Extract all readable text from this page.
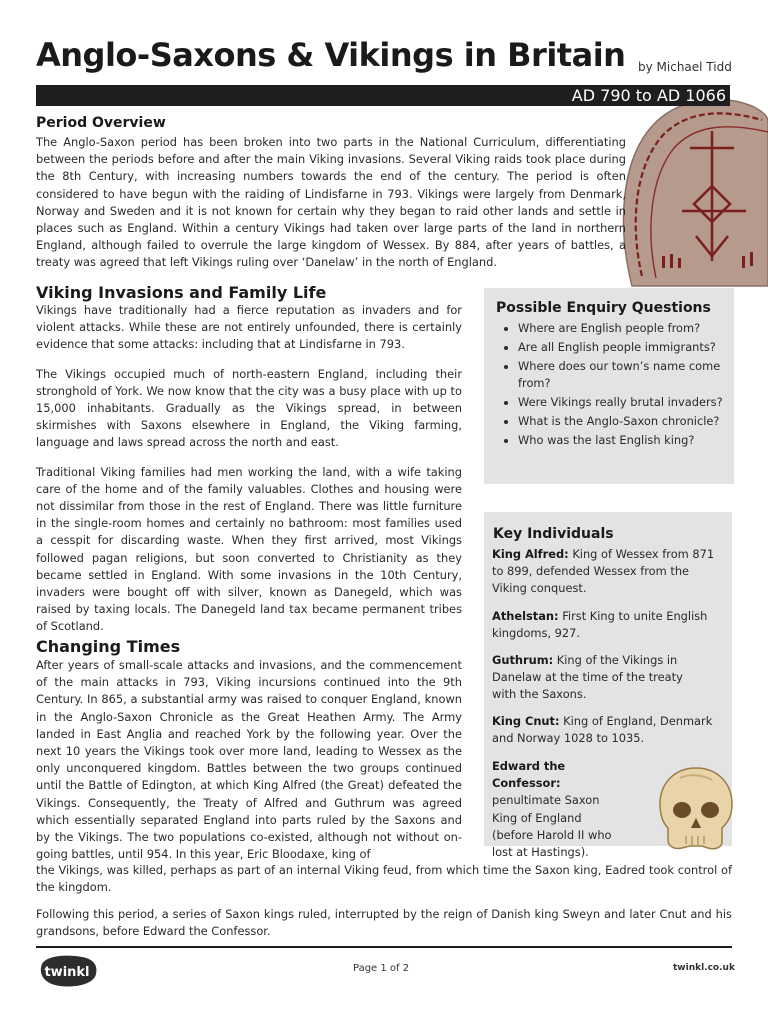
Anglo-Saxons & Vikings in Britain by Michael Tidd
AD 790 to AD 1066
Period Overview

The Anglo-Saxon period has been broken into two parts in the National Curriculum, differentiating between the periods before and after the main Viking invasions. Several Viking raids took place during the 8th Century, with increasing numbers towards the end of the century. The period is often considered to have begun with the raiding of Lindisfarne in 793. Vikings were largely from Denmark, Norway and Sweden and it is not known for certain why they began to raid other lands and settle in places such as England. Within a century Vikings had taken over large parts of the land in northern England, although failed to overrule the large kingdom of Wessex. By 884, after years of battles, a treaty was agreed that left Vikings ruling over ‘Danelaw’ in the north of England.

Viking Invasions and Family Life

Vikings have traditionally had a fierce reputation as invaders and for violent attacks. While these are not entirely unfounded, there is certainly evidence that some attacks: including that at Lindisfarne in 793.

The Vikings occupied much of north-eastern England, including their stronghold of York. We now know that the city was a busy place with up to 15,000 inhabitants. Gradually as the Vikings spread, in between skirmishes with Saxons elsewhere in England, the Viking farming, language and laws spread across the north and east.

Traditional Viking families had men working the land, with a wife taking care of the home and of the family valuables. Clothes and housing were not dissimilar from those in the rest of England. There was little furniture in the single-room homes and certainly no bathroom: most families used a cesspit for discarding waste. When they first arrived, most Vikings followed pagan religions, but soon converted to Christianity as they became settled in England. With some invasions in the 10th Century, invaders were bought off with silver, known as Danegeld, which was raised by taxing locals. The Danegeld land tax became permanent tribes of Scotland.

Changing Times

After years of small-scale attacks and invasions, and the commencement of the main attacks in 793, Viking incursions continued into the 9th Century. In 865, a substantial army was raised to conquer England, known in the Anglo-Saxon Chronicle as the Great Heathen Army. The Army landed in East Anglia and reached York by the following year. Over the next 10 years the Vikings took over more land, leading to Wessex as the only unconquered kingdom. Battles between the two groups continued until the Battle of Edington, at which King Alfred (the Great) defeated the Vikings. Consequently, the Treaty of Alfred and Guthrum was agreed which essentially separated England into parts ruled by the Saxons and by the Vikings. The two populations co-existed, although not without on-going battles, until 954. In this year, Eric Bloodaxe, king of

the Vikings, was killed, perhaps as part of an internal Viking feud, from which time the Saxon king, Eadred took control of the kingdom.

Following this period, a series of Saxon kings ruled, interrupted by the reign of Danish king Sweyn and later Cnut and his grandsons, before Edward the Confessor.

Possible Enquiry Questions
• Where are English people from?
• Are all English people immigrants?
• Where does our town’s name come from?
• Were Vikings really brutal invaders?
• What is the Anglo-Saxon chronicle?
• Who was the last English king?
Key Individuals

King Alfred: King of Wessex from 871 to 899, defended Wessex from the Viking conquest.

Athelstan: First King to unite English kingdoms, 927.

Guthrum: King of the Vikings in Danelaw at the time of the treaty with the Saxons.

King Cnut: King of England, Denmark and Norway 1028 to 1035.

Edward the Confessor: penultimate Saxon King of England (before Harold II who lost at Hastings).

twinkl	Page 1 of 2	twinkl.co.uk
